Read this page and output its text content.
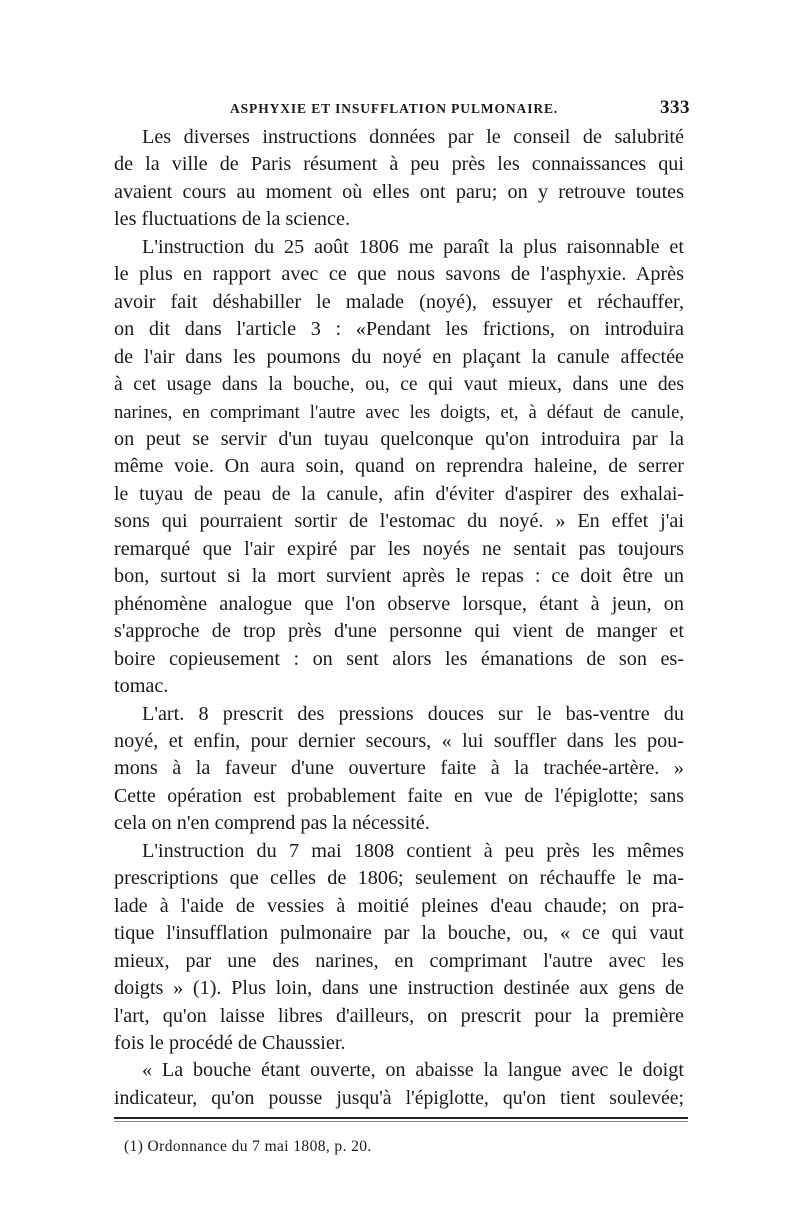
ASPHYXIE ET INSUFFLATION PULMONAIRE.	333

Les diverses instructions données par le conseil de salubrité
de la ville de Paris résument à peu près les connaissances qui
avaient cours au moment où elles ont paru; on y retrouve toutes
les fluctuations de la science.

L'instruction du 25 août 1806 me paraît la plus raisonnable et
le plus en rapport avec ce que nous savons de l'asphyxie. Après
avoir fait déshabiller le malade (noyé), essuyer et réchauffer,
on dit dans l'article 3 : «Pendant les frictions, on introduira
de l'air dans les poumons du noyé en plaçant la canule affectée
à cet usage dans la bouche, ou, ce qui vaut mieux, dans une des
narines, en comprimant l'autre avec les doigts, et, à défaut de canule,
on peut se servir d'un tuyau quelconque qu'on introduira par la
même voie. On aura soin, quand on reprendra haleine, de serrer
le tuyau de peau de la canule, afin d'éviter d'aspirer des exhalai-
sons qui pourraient sortir de l'estomac du noyé. » En effet j'ai
remarqué que l'air expiré par les noyés ne sentait pas toujours
bon, surtout si la mort survient après le repas : ce doit être un
phénomène analogue que l'on observe lorsque, étant à jeun, on
s'approche de trop près d'une personne qui vient de manger et
boire copieusement : on sent alors les émanations de son es-
tomac.

L'art. 8 prescrit des pressions douces sur le bas-ventre du
noyé, et enfin, pour dernier secours, « lui souffler dans les pou-
mons à la faveur d'une ouverture faite à la trachée-artère. »
Cette opération est probablement faite en vue de l'épiglotte; sans
cela on n'en comprend pas la nécessité.

L'instruction du 7 mai 1808 contient à peu près les mêmes
prescriptions que celles de 1806; seulement on réchauffe le ma-
lade à l'aide de vessies à moitié pleines d'eau chaude; on pra-
tique l'insufflation pulmonaire par la bouche, ou, « ce qui vaut
mieux, par une des narines, en comprimant l'autre avec les
doigts » (1). Plus loin, dans une instruction destinée aux gens de
l'art, qu'on laisse libres d'ailleurs, on prescrit pour la première
fois le procédé de Chaussier.

« La bouche étant ouverte, on abaisse la langue avec le doigt
indicateur, qu'on pousse jusqu'à l'épiglotte, qu'on tient soulevée;

(1) Ordonnance du 7 mai 1808, p. 20.
